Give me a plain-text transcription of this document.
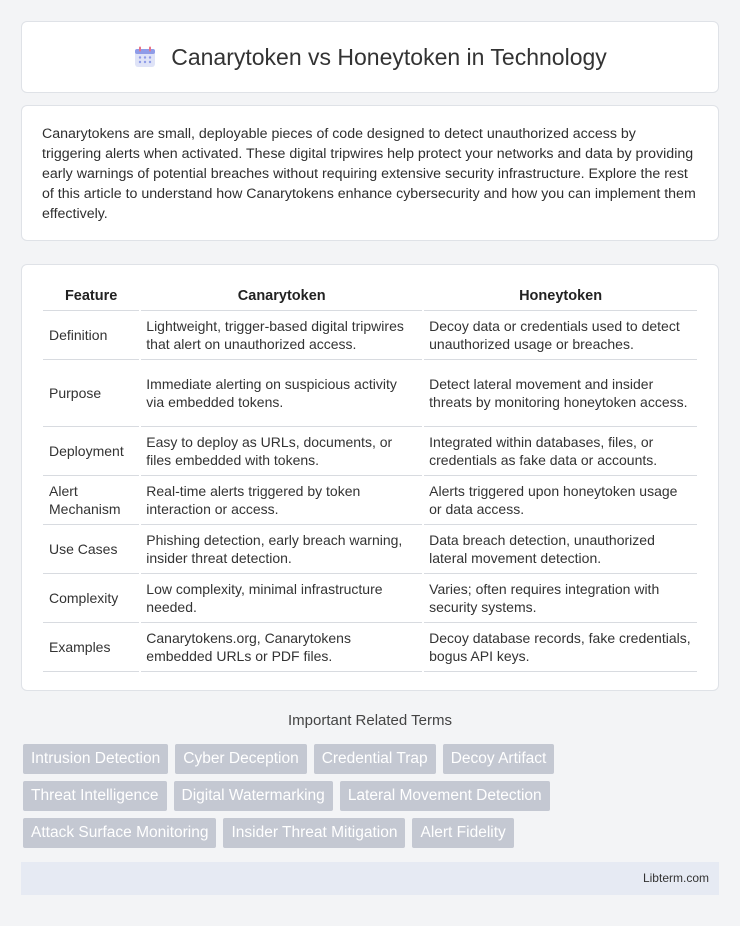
Canarytoken vs Honeytoken in Technology

Canarytokens are small, deployable pieces of code designed to detect unauthorized access by triggering alerts when activated. These digital tripwires help protect your networks and data by providing early warnings of potential breaches without requiring extensive security infrastructure. Explore the rest of this article to understand how Canarytokens enhance cybersecurity and how you can implement them effectively.

Feature	Canarytoken	Honeytoken
Definition	Lightweight, trigger-based digital tripwires that alert on unauthorized access.	Decoy data or credentials used to detect unauthorized usage or breaches.
Purpose	Immediate alerting on suspicious activity via embedded tokens.	Detect lateral movement and insider threats by monitoring honeytoken access.
Deployment	Easy to deploy as URLs, documents, or files embedded with tokens.	Integrated within databases, files, or credentials as fake data or accounts.
Alert Mechanism	Real-time alerts triggered by token interaction or access.	Alerts triggered upon honeytoken usage or data access.
Use Cases	Phishing detection, early breach warning, insider threat detection.	Data breach detection, unauthorized lateral movement detection.
Complexity	Low complexity, minimal infrastructure needed.	Varies; often requires integration with security systems.
Examples	Canarytokens.org, Canarytokens embedded URLs or PDF files.	Decoy database records, fake credentials, bogus API keys.
Important Related Terms
Intrusion Detection	Cyber Deception	Credential Trap	Decoy Artifact
Threat Intelligence	Digital Watermarking	Lateral Movement Detection
Attack Surface Monitoring	Insider Threat Mitigation	Alert Fidelity
Libterm.com
